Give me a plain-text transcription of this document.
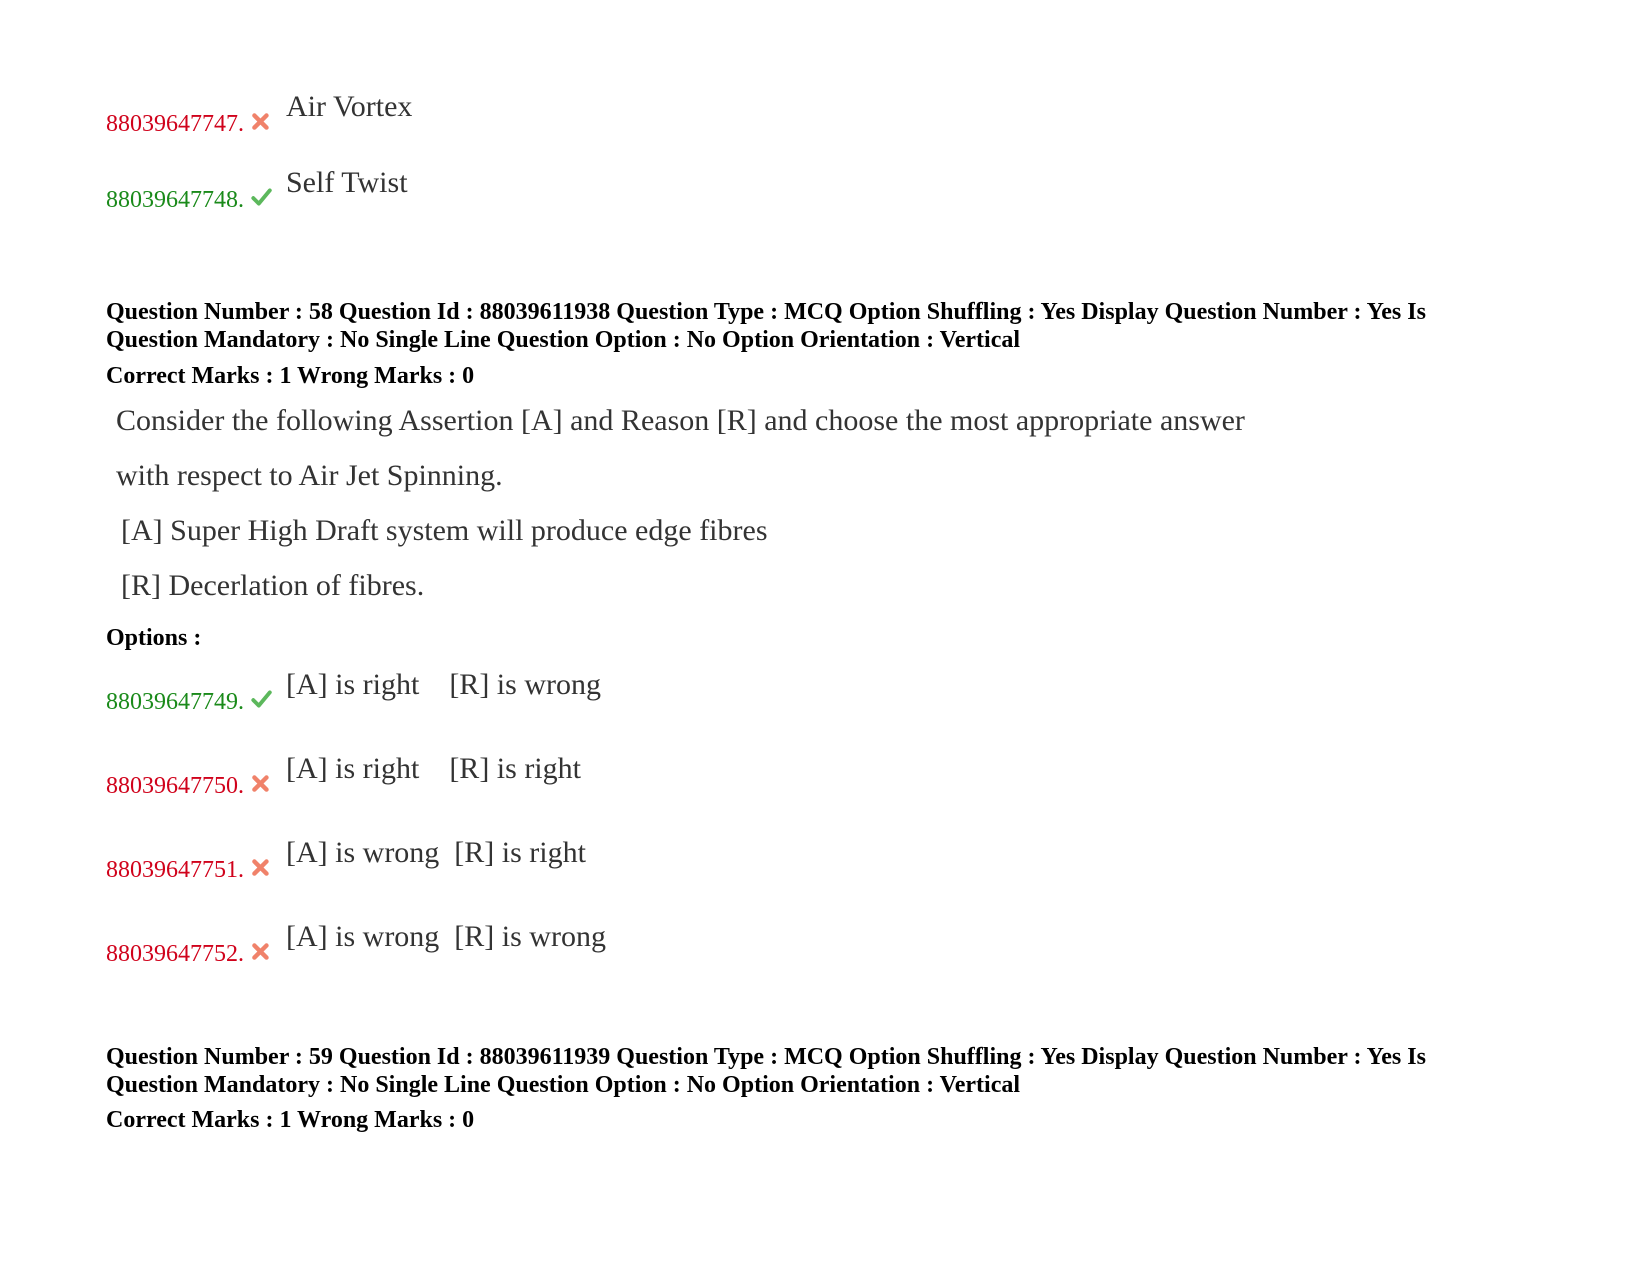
88039647747.
Air Vortex
88039647748.
Self Twist
Question Number : 58 Question Id : 88039611938 Question Type : MCQ Option Shuffling : Yes Display Question Number : Yes Is
Question Mandatory : No Single Line Question Option : No Option Orientation : Vertical
Correct Marks : 1 Wrong Marks : 0
Consider the following Assertion [A] and Reason [R] and choose the most appropriate answer
with respect to Air Jet Spinning.
[A] Super High Draft system will produce edge fibres
[R] Decerlation of fibres.
Options :
88039647749.
[A] is right    [R] is wrong
88039647750.
[A] is right    [R] is right
88039647751.
[A] is wrong  [R] is right
88039647752.
[A] is wrong  [R] is wrong
Question Number : 59 Question Id : 88039611939 Question Type : MCQ Option Shuffling : Yes Display Question Number : Yes Is
Question Mandatory : No Single Line Question Option : No Option Orientation : Vertical
Correct Marks : 1 Wrong Marks : 0
